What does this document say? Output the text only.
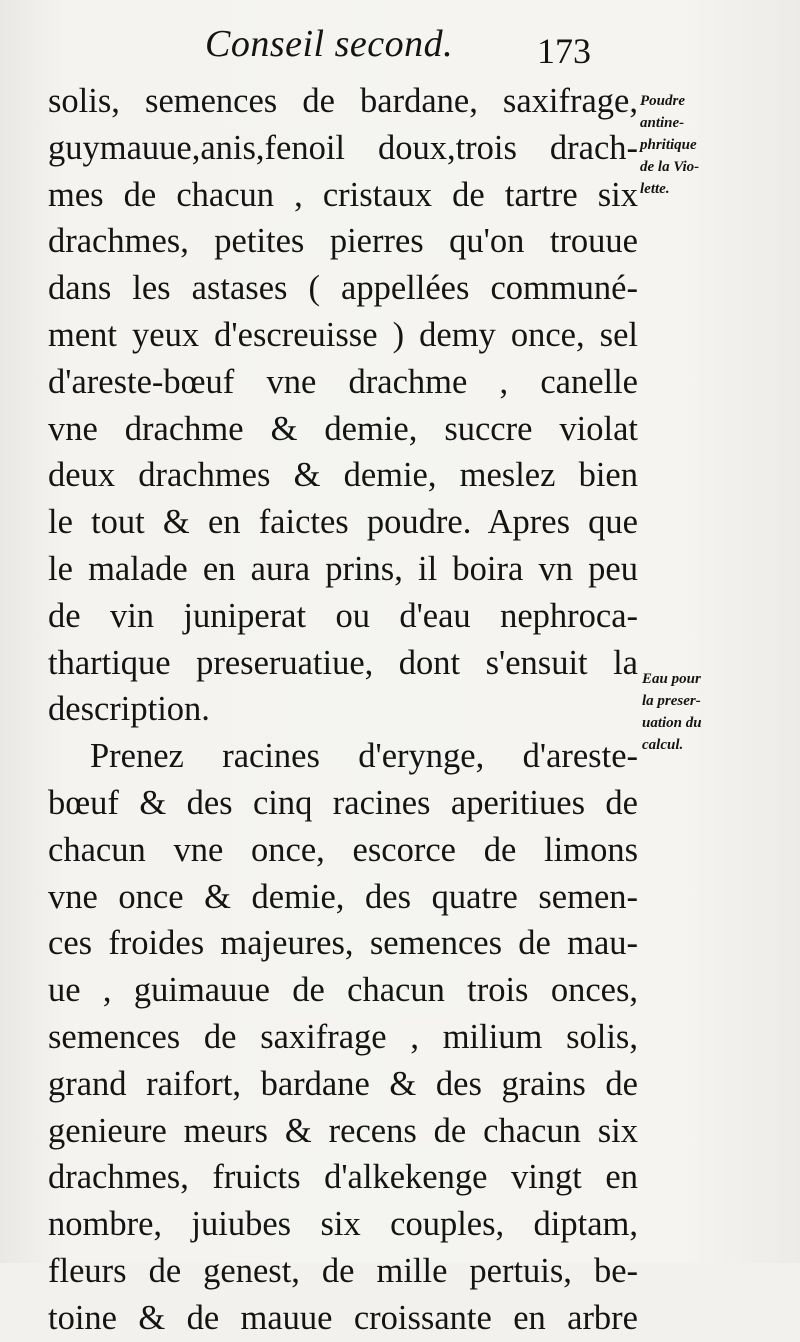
Conseil second. 173
solis, semences de bardane, saxifrage,
guymauue,anis,fenoil doux,trois drach-
mes de chacun , cristaux de tartre six
drachmes, petites pierres qu'on trouue
dans les astases ( appellées communé-
ment yeux d'escreuisse ) demy once, sel
d'areste-bœuf vne drachme , canelle
vne drachme & demie, succre violat
deux drachmes & demie, meslez bien
le tout & en faictes poudre. Apres que
le malade en aura prins, il boira vn peu
de vin juniperat ou d'eau nephroca-
thartique preseruatiue, dont s'ensuit la
description.
Prenez racines d'erynge, d'areste-
bœuf & des cinq racines aperitiues de
chacun vne once, escorce de limons
vne once & demie, des quatre semen-
ces froides majeures, semences de mau-
ue , guimauue de chacun trois onces,
semences de saxifrage , milium solis,
grand raifort, bardane & des grains de
genieure meurs & recens de chacun six
drachmes, fruicts d'alkekenge vingt en
nombre, juiubes six couples, diptam,
fleurs de genest, de mille pertuis, be-
toine & de mauue croissante en arbre
Poudre
antine-
phritique
de la Vio-
lette.
Eau pour
la preser-
uation du
calcul.
